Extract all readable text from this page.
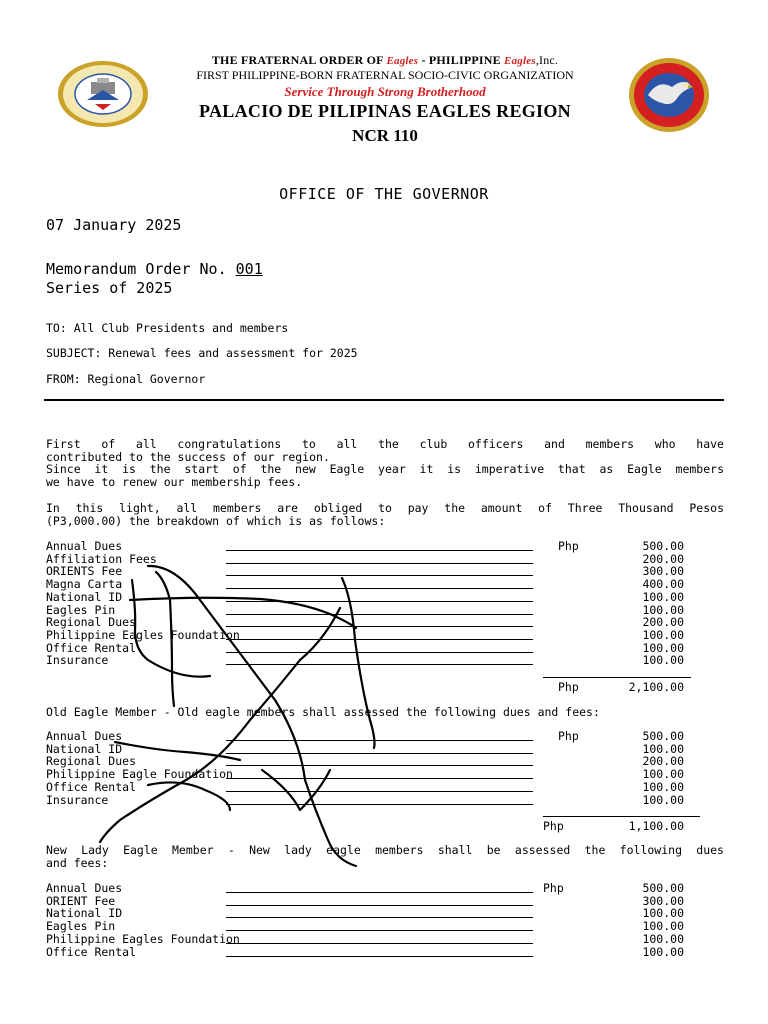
THE FRATERNAL ORDER OF Eagles - PHILIPPINE Eagles,Inc.
FIRST PHILIPPINE-BORN FRATERNAL SOCIO-CIVIC ORGANIZATION
Service Through Strong Brotherhood
PALACIO DE PILIPINAS EAGLES REGION
NCR 110
OFFICE OF THE GOVERNOR
07 January 2025
Memorandum Order No. 001
Series of 2025
TO: All Club Presidents and members
SUBJECT: Renewal fees and assessment for 2025
FROM: Regional Governor
First of all congratulations to all the club officers and members who have
contributed to the success of our region.
Since it is the start of the new Eagle year it is imperative that as Eagle members
we have to renew our membership fees.
In this light, all members are obliged to pay the amount of Three Thousand Pesos
(P3,000.00) the breakdown of which is as follows:
Annual Dues	Php	500.00
Affiliation Fees	200.00
ORIENTS Fee	300.00
Magna Carta	400.00
National ID	100.00
Eagles Pin	100.00
Regional Dues	200.00
Philippine Eagles Foundation	100.00
Office Rental	100.00
Insurance	100.00
Php	2,100.00
Old Eagle Member - Old eagle members shall assessed the following dues and fees:
Annual Dues	Php	500.00
National ID	100.00
Regional Dues	200.00
Philippine Eagle Foundation	100.00
Office Rental	100.00
Insurance	100.00
Php	1,100.00
New Lady Eagle Member - New lady eagle members shall be assessed the following dues
and fees:
Annual Dues	Php	500.00
ORIENT Fee	300.00
National ID	100.00
Eagles Pin	100.00
Philippine Eagles Foundation	100.00
Office Rental	100.00
